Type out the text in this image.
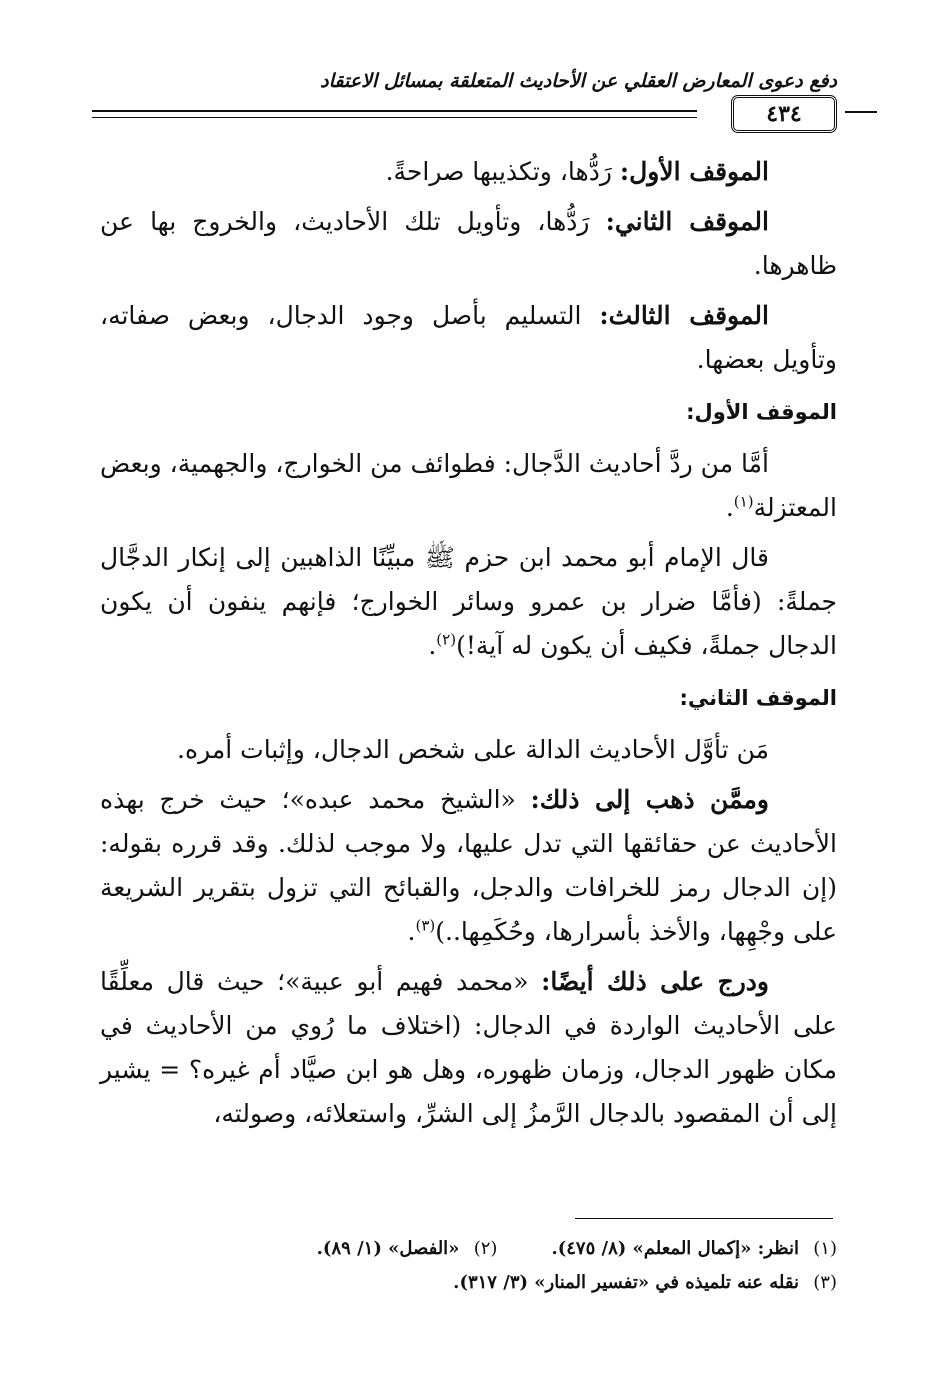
دفع دعوى المعارض العقلي عن الأحاديث المتعلقة بمسائل الاعتقاد
٤٣٤

الموقف الأول: رَدُّها، وتكذيبها صراحةً.

الموقف الثاني: رَدُّها، وتأويل تلك الأحاديث، والخروج بها عن ظاهرها.

الموقف الثالث: التسليم بأصل وجود الدجال، وبعض صفاته، وتأويل بعضها.

الموقف الأول:

أمَّا من ردَّ أحاديث الدَّجال: فطوائف من الخوارج، والجهمية، وبعض المعتزلة$^{(١)}$.

قال الإمام أبو محمد ابن حزم ﷺ مبيِّنًا الذاهبين إلى إنكار الدجَّال جملةً: (فأمَّا ضرار بن عمرو وسائر الخوارج؛ فإنهم ينفون أن يكون الدجال جملةً، فكيف أن يكون له آية!)$^{(٢)}$.

الموقف الثاني:

مَن تأوَّل الأحاديث الدالة على شخص الدجال، وإثبات أمره.

وممَّن ذهب إلى ذلك: «الشيخ محمد عبده»؛ حيث خرج بهذه الأحاديث عن حقائقها التي تدل عليها، ولا موجب لذلك. وقد قرره بقوله: (إن الدجال رمز للخرافات والدجل، والقبائح التي تزول بتقرير الشريعة على وجْهِها، والأخذ بأسرارها، وحُكَمِها..)$^{(٣)}$.

ودرج على ذلك أيضًا: «محمد فهيم أبو عبية»؛ حيث قال معلِّقًا على الأحاديث الواردة في الدجال: (اختلاف ما رُوي من الأحاديث في مكان ظهور الدجال، وزمان ظهوره، وهل هو ابن صيَّاد أم غيره؟ = يشير إلى أن المقصود بالدجال الرَّمزُ إلى الشرِّ، واستعلائه، وصولته،

(١)انظر: «إكمال المعلم» (٨/ ٤٧٥).(٢)«الفصل» (١/ ٨٩).
(٣)نقله عنه تلميذه في «تفسير المنار» (٣/ ٣١٧).
